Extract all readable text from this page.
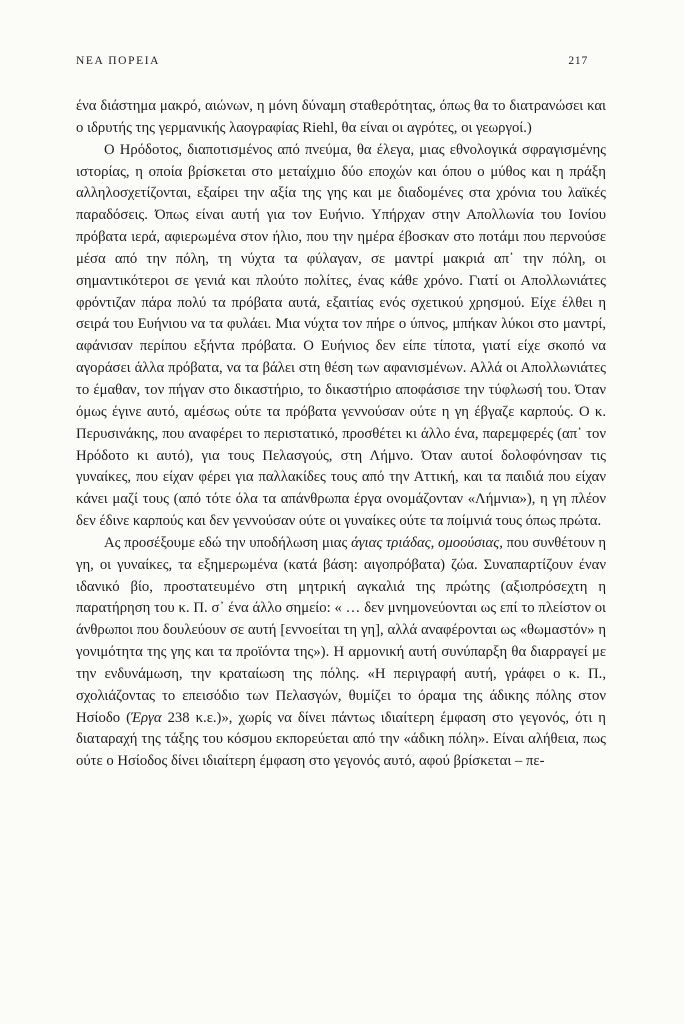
ΝΕΑ ΠΟΡΕΙΑ	217

ένα διάστημα μακρό, αιώνων, η μόνη δύναμη σταθερότητας, όπως θα το διατρανώσει και ο ιδρυτής της γερμανικής λαογραφίας Riehl, θα είναι οι αγρότες, οι γεωργοί.)

Ο Ηρόδοτος, διαποτισμένος από πνεύμα, θα έλεγα, μιας εθνολογικά σφραγισμένης ιστορίας, η οποία βρίσκεται στο μεταίχμιο δύο εποχών και όπου ο μύθος και η πράξη αλληλοσχετίζονται, εξαίρει την αξία της γης και με διαδομένες στα χρόνια του λαϊκές παραδόσεις. Όπως είναι αυτή για τον Ευήνιο. Υπήρχαν στην Απολλωνία του Ιονίου πρόβατα ιερά, αφιερωμένα στον ήλιο, που την ημέρα έβοσκαν στο ποτάμι που περνούσε μέσα από την πόλη, τη νύχτα τα φύλαγαν, σε μαντρί μακριά απ᾽ την πόλη, οι σημαντικότεροι σε γενιά και πλούτο πολίτες, ένας κάθε χρόνο. Γιατί οι Απολλωνιάτες φρόντιζαν πάρα πολύ τα πρόβατα αυτά, εξαιτίας ενός σχετικού χρησμού. Είχε έλθει η σειρά του Ευήνιου να τα φυλάει. Μια νύχτα τον πήρε ο ύπνος, μπήκαν λύκοι στο μαντρί, αφάνισαν περίπου εξήντα πρόβατα. Ο Ευήνιος δεν είπε τίποτα, γιατί είχε σκοπό να αγοράσει άλλα πρόβατα, να τα βάλει στη θέση των αφανισμένων. Αλλά οι Απολλωνιάτες το έμαθαν, τον πήγαν στο δικαστήριο, το δικαστήριο αποφάσισε την τύφλωσή του. Όταν όμως έγινε αυτό, αμέσως ούτε τα πρόβατα γεννούσαν ούτε η γη έβγαζε καρπούς. Ο κ. Περυσινάκης, που αναφέρει το περιστατικό, προσθέτει κι άλλο ένα, παρεμφερές (απ᾽ τον Ηρόδοτο κι αυτό), για τους Πελασγούς, στη Λήμνο. Όταν αυτοί δολοφόνησαν τις γυναίκες, που είχαν φέρει για παλλακίδες τους από την Αττική, και τα παιδιά που είχαν κάνει μαζί τους (από τότε όλα τα απάνθρωπα έργα ονομάζονταν «Λήμνια»), η γη πλέον δεν έδινε καρπούς και δεν γεννούσαν ούτε οι γυναίκες ούτε τα ποίμνιά τους όπως πρώτα.

Ας προσέξουμε εδώ την υποδήλωση μιας άγιας τριάδας, ομοούσιας, που συνθέτουν η γη, οι γυναίκες, τα εξημερωμένα (κατά βάση: αιγοπρόβατα) ζώα. Συναπαρτίζουν έναν ιδανικό βίο, προστατευμένο στη μητρική αγκαλιά της πρώτης (αξιοπρόσεχτη η παρατήρηση του κ. Π. σ᾽ ένα άλλο σημείο: « … δεν μνημονεύονται ως επί το πλείστον οι άνθρωποι που δουλεύουν σε αυτή [εννοείται τη γη], αλλά αναφέρονται ως «θωμαστόν» η γονιμότητα της γης και τα προϊόντα της»). Η αρμονική αυτή συνύπαρξη θα διαρραγεί με την ενδυνάμωση, την κραταίωση της πόλης. «Η περιγραφή αυτή, γράφει ο κ. Π., σχολιάζοντας το επεισόδιο των Πελασγών, θυμίζει το όραμα της άδικης πόλης στον Ησίοδο (Έργα 238 κ.ε.)», χωρίς να δίνει πάντως ιδιαίτερη έμφαση στο γεγονός, ότι η διαταραχή της τάξης του κόσμου εκπορεύεται από την «άδικη πόλη». Είναι αλήθεια, πως ούτε ο Ησίοδος δίνει ιδιαίτερη έμφαση στο γεγονός αυτό, αφού βρίσκεται – πε-
